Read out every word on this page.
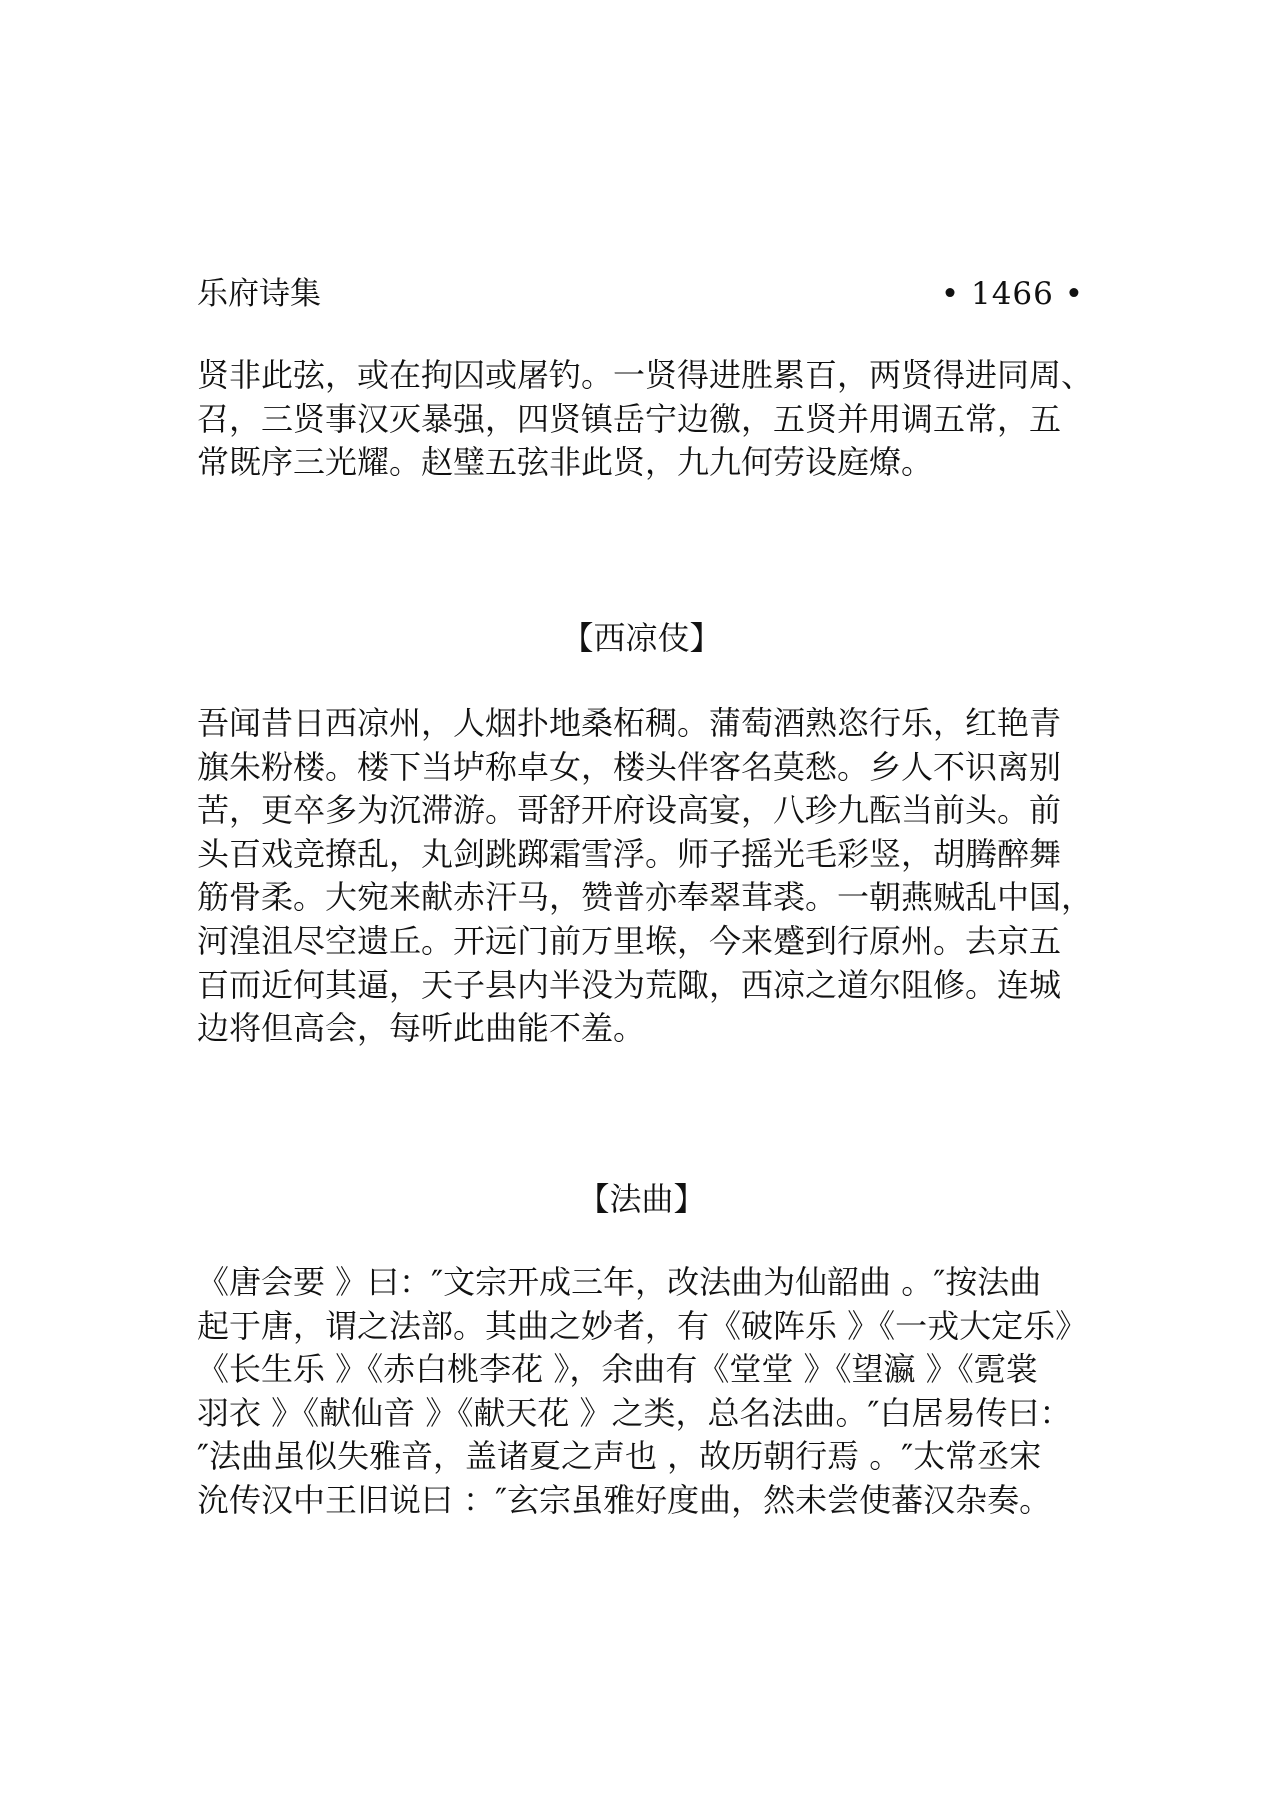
乐府诗集	• 1466 •
贤非此弦，或在拘囚或屠钓。一贤得进胜累百，两贤得进同周、
召，三贤事汉灭暴强，四贤镇岳宁边徼，五贤并用调五常，五
常既序三光耀。赵璧五弦非此贤，九九何劳设庭燎。
【西凉伎】
吾闻昔日西凉州，人烟扑地桑柘稠。蒲萄酒熟恣行乐，红艳青
旗朱粉楼。楼下当垆称卓女，楼头伴客名莫愁。乡人不识离别
苦，更卒多为沉滞游。哥舒开府设高宴，八珍九酝当前头。前
头百戏竞撩乱，丸剑跳踯霜雪浮。师子摇光毛彩竖，胡腾醉舞
筋骨柔。大宛来献赤汗马，赞普亦奉翠茸裘。一朝燕贼乱中国，
河湟沮尽空遗丘。开远门前万里堠，今来蹙到行原州。去京五
百而近何其逼，天子县内半没为荒陬，西凉之道尔阻修。连城
边将但高会，每听此曲能不羞。
【法曲】
《唐会要 》曰：″文宗开成三年，改法曲为仙韶曲 。″按法曲
起于唐，谓之法部。其曲之妙者，有《破阵乐 》《一戎大定乐》
《长生乐 》《赤白桃李花 》，余曲有《堂堂 》《望瀛 》《霓裳
羽衣 》《献仙音 》《献天花 》之类，总名法曲。″白居易传曰：
″法曲虽似失雅音，盖诸夏之声也 ，故历朝行焉 。″太常丞宋
沇传汉中王旧说曰 ：″玄宗虽雅好度曲，然未尝使蕃汉杂奏。
